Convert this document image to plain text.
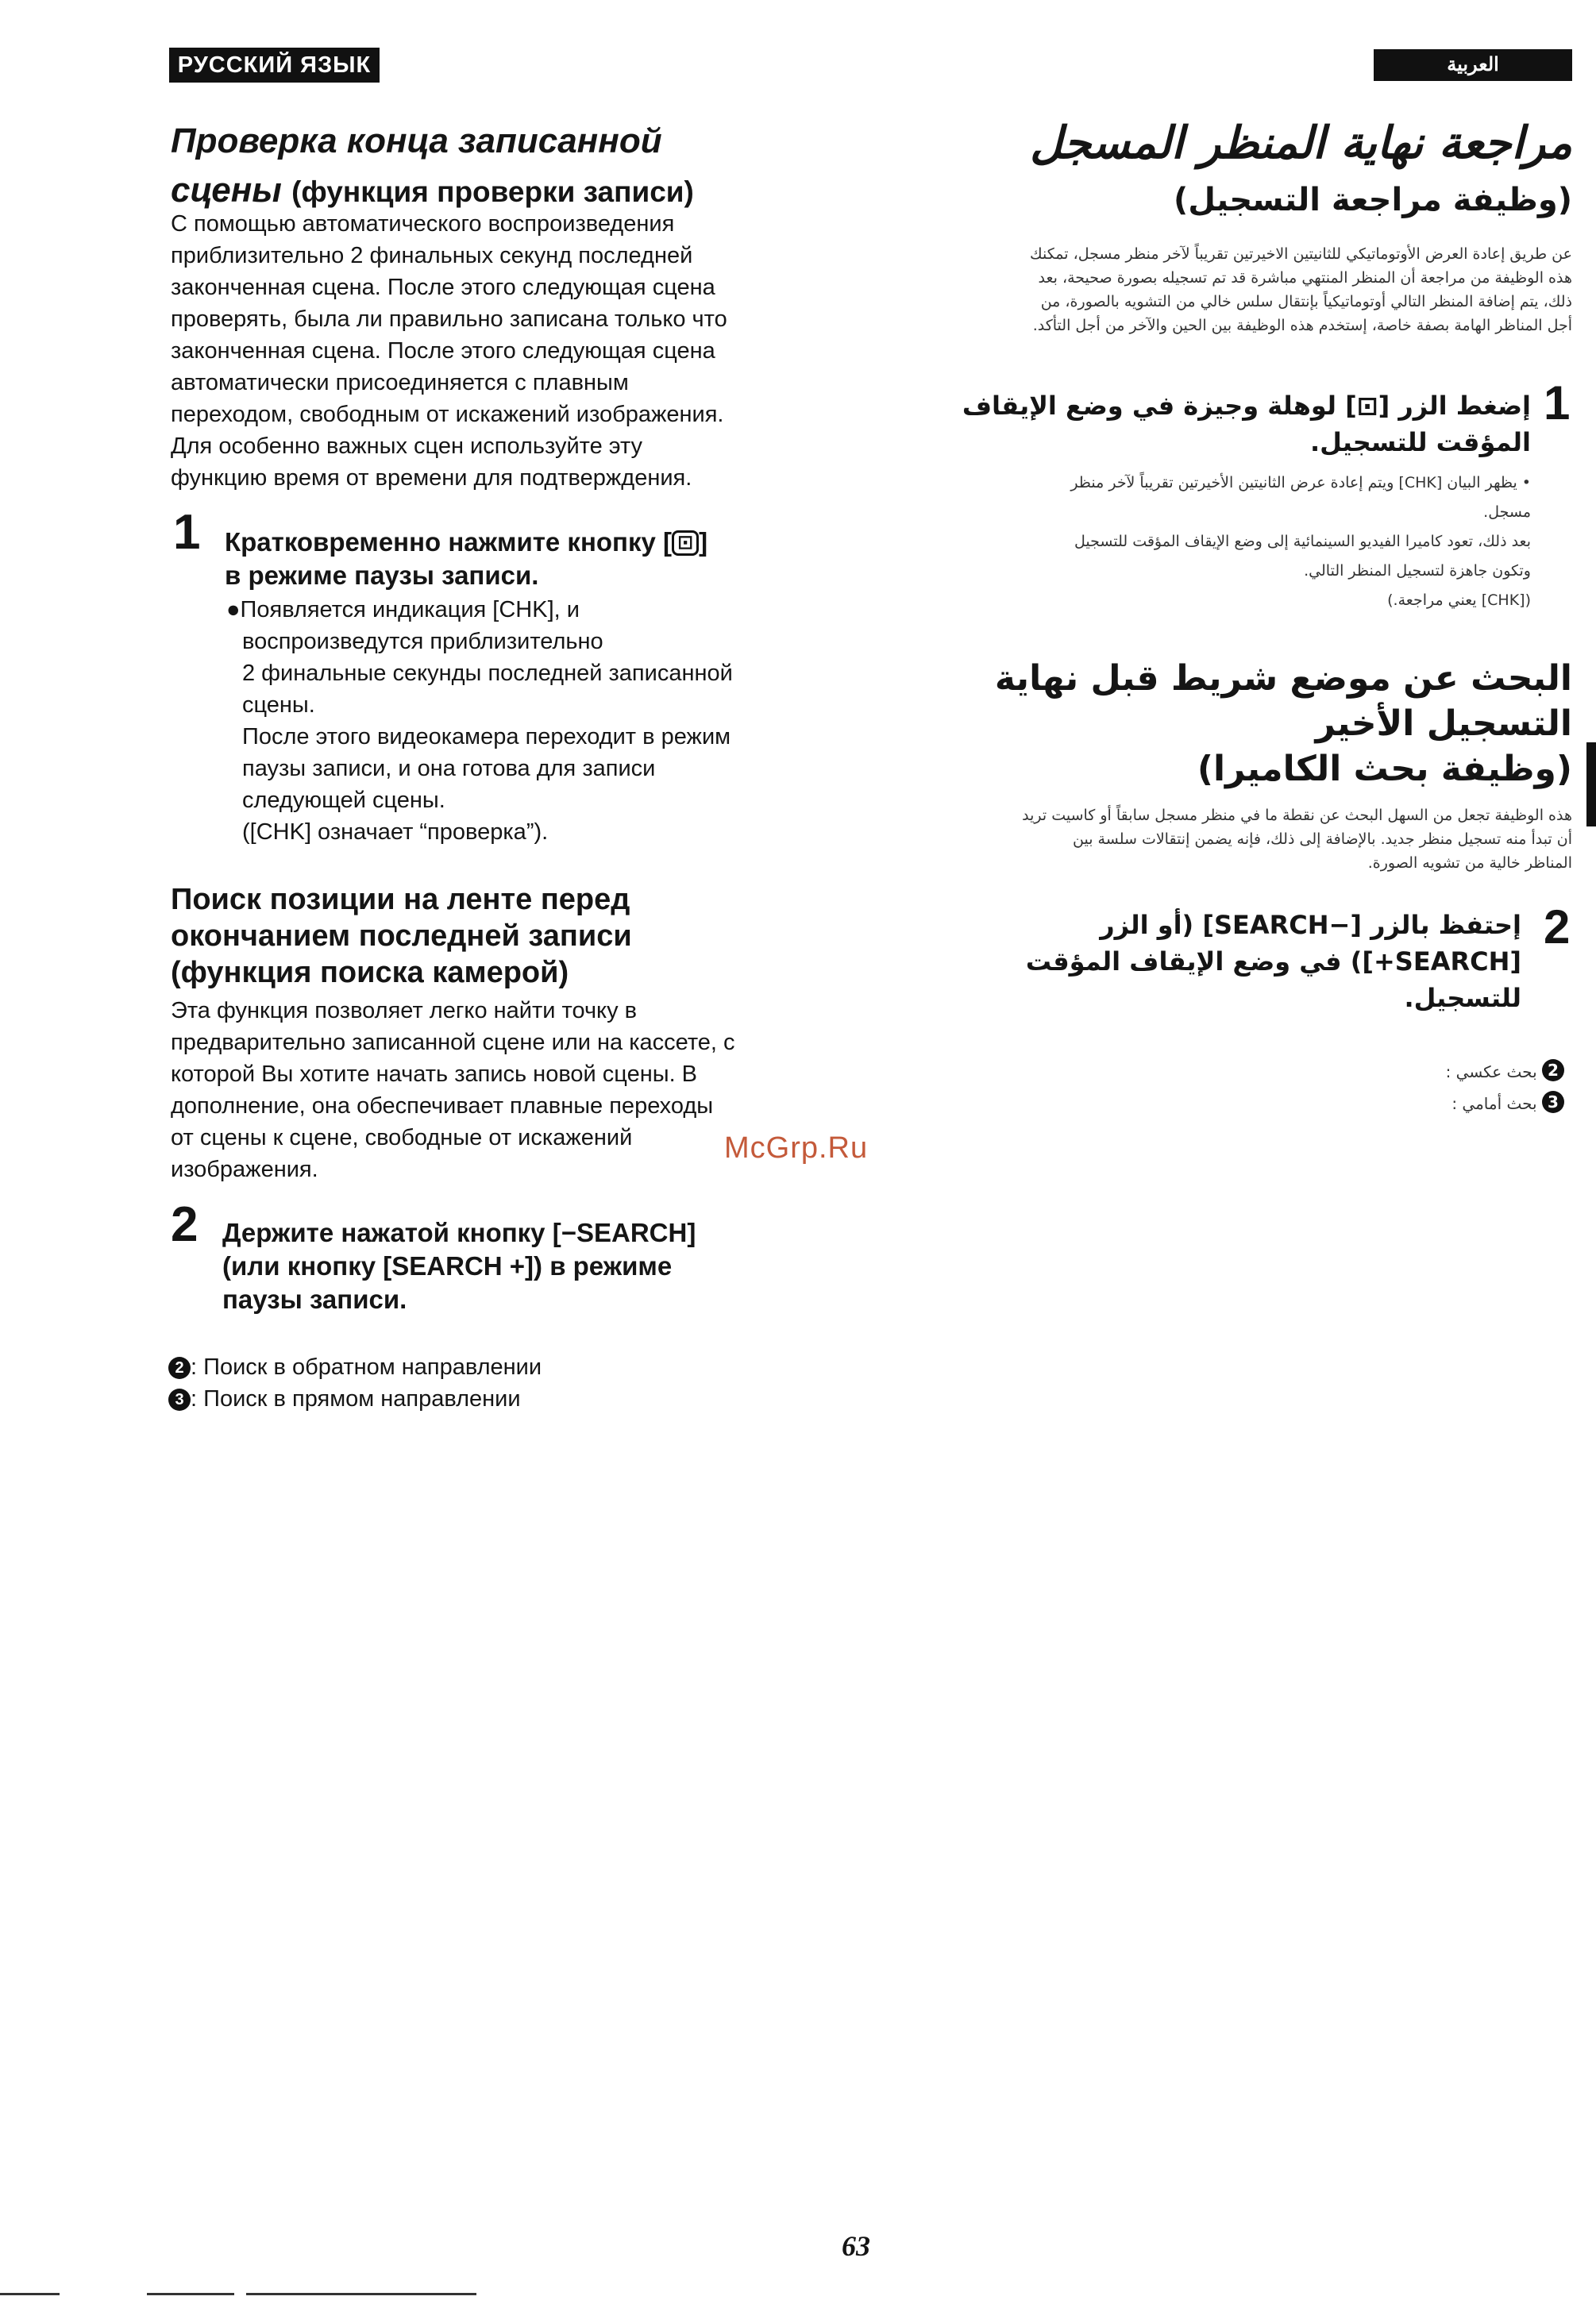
РУССКИЙ ЯЗЫК	العربية
Проверка конца записанной
сцены (функция проверки записи)

С помощью автоматического воспроизведения

приблизительно 2 финальных секунд последней

законченная сцена. После этого следующая сцена

проверять, была ли правильно записана только что

законченная сцена. После этого следующая сцена

автоматически присоединяется с плавным

переходом, свободным от искажений изображения.

Для особенно важных сцен используйте эту

функцию время от времени для подтверждения.

1 Кратковременно нажмите кнопку [ ⊡ ]
в режиме паузы записи.
●Появляется индикация [CHK], и
воспроизведутся приблизительно
2 финальные секунды последней записанной
сцены.
После этого видеокамера переходит в режим
паузы записи, и она готова для записи
следующей сцены.
([CHK] означает “проверка”).
Поиск позиции на ленте перед
окончанием последней записи
(функция поиска камерой)

Эта функция позволяет легко найти точку в

предварительно записанной сцене или на кассете, с

которой Вы хотите начать запись новой сцены. В

дополнение, она обеспечивает плавные переходы

от сцены к сцене, свободные от искажений

изображения.

2 Держите нажатой кнопку [−SEARCH]
(или кнопку [SEARCH +]) в режиме
паузы записи.
2 : Поиск в обратном направлении
3 : Поиск в прямом направлении
مراجعة نهاية المنظر المسجل
(وظيفة مراجعة التسجيل)
عن طريق إعادة العرض الأوتوماتيكي للثانيتين الاخيرتين تقريباً لآخر منظر مسجل، تمكنك
هذه الوظيفة من مراجعة أن المنظر المنتهي مباشرة قد تم تسجيله بصورة صحيحة، بعد
ذلك، يتم إضافة المنظر التالي أوتوماتيكياً بإنتقال سلس خالي من التشويه بالصورة، من
أجل المناظر الهامة بصفة خاصة، إستخدم هذه الوظيفة بين الحين والآخر من أجل التأكد.
1
إضغط الزر [⊡] لوهلة وجيزة في وضع الإيقاف
المؤقت للتسجيل.
• يظهر البيان [CHK] ويتم إعادة عرض الثانيتين الأخيرتين تقريباً لآخر منظر
مسجل.
بعد ذلك، تعود كاميرا الفيديو السينمائية إلى وضع الإيقاف المؤقت للتسجيل
وتكون جاهزة لتسجيل المنظر التالي.
([CHK] يعني مراجعة.)
البحث عن موضع شريط قبل نهاية
التسجيل الأخير
(وظيفة بحث الكاميرا)
هذه الوظيفة تجعل من السهل البحث عن نقطة ما في منظر مسجل سابقاً أو كاسيت تريد
أن تبدأ منه تسجيل منظر جديد. بالإضافة إلى ذلك، فإنه يضمن إنتقالات سلسة بين
المناظر خالية من تشويه الصورة.
2
إحتفظ بالزر [−SEARCH] (أو الزر
[SEARCH+]) في وضع الإيقاف المؤقت
للتسجيل.
2 بحث عكسي :
3 بحث أمامي :
McGrp.Ru
63
